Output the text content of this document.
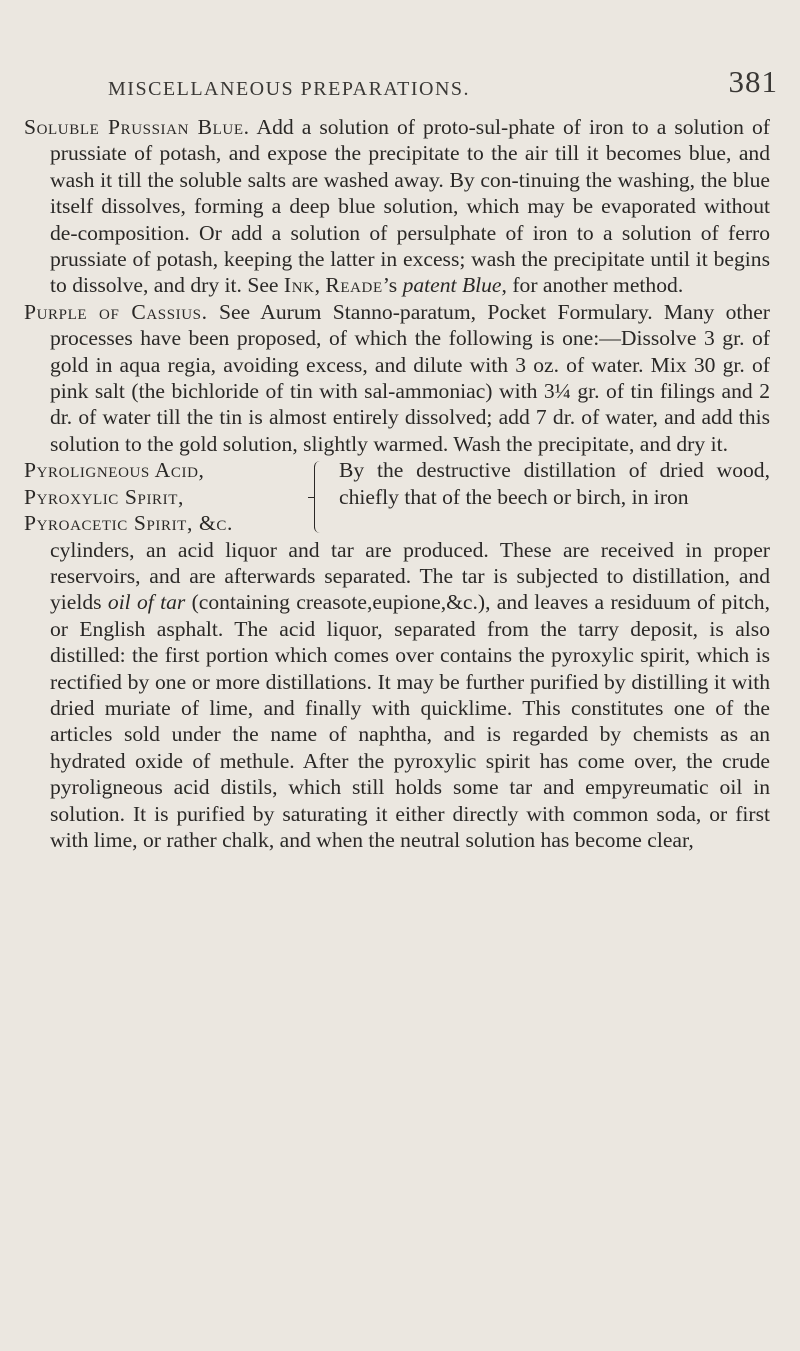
MISCELLANEOUS PREPARATIONS.	381

Soluble Prussian Blue. Add a solution of proto-sul-phate of iron to a solution of prussiate of potash, and expose the precipitate to the air till it becomes blue, and wash it till the soluble salts are washed away. By con-tinuing the washing, the blue itself dissolves, forming a deep blue solution, which may be evaporated without de-composition. Or add a solution of persulphate of iron to a solution of ferro prussiate of potash, keeping the latter in excess; wash the precipitate until it begins to dissolve, and dry it. See Ink, Reade’s patent Blue, for another method.

Purple of Cassius. See Aurum Stanno-paratum, Pocket Formulary. Many other processes have been proposed, of which the following is one:—Dissolve 3 gr. of gold in aqua regia, avoiding excess, and dilute with 3 oz. of water. Mix 30 gr. of pink salt (the bichloride of tin with sal-ammoniac) with 3¼ gr. of tin filings and 2 dr. of water till the tin is almost entirely dissolved; add 7 dr. of water, and add this solution to the gold solution, slightly warmed. Wash the precipitate, and dry it.

Pyroligneous Acid,
Pyroxylic Spirit,
Pyroacetic Spirit, &c.
By the destructive distillation of dried wood, chiefly that of the beech or birch, in iron

cylinders, an acid liquor and tar are produced. These are received in proper reservoirs, and are afterwards separated. The tar is subjected to distillation, and yields oil of tar (containing creasote,eupione,&c.), and leaves a residuum of pitch, or English asphalt. The acid liquor, separated from the tarry deposit, is also distilled: the first portion which comes over contains the pyroxylic spirit, which is rectified by one or more distillations. It may be further purified by distilling it with dried muriate of lime, and finally with quicklime. This constitutes one of the articles sold under the name of naphtha, and is regarded by chemists as an hydrated oxide of methule. After the pyroxylic spirit has come over, the crude pyroligneous acid distils, which still holds some tar and empyreumatic oil in solution. It is purified by saturating it either directly with common soda, or first with lime, or rather chalk, and when the neutral solution has become clear,
